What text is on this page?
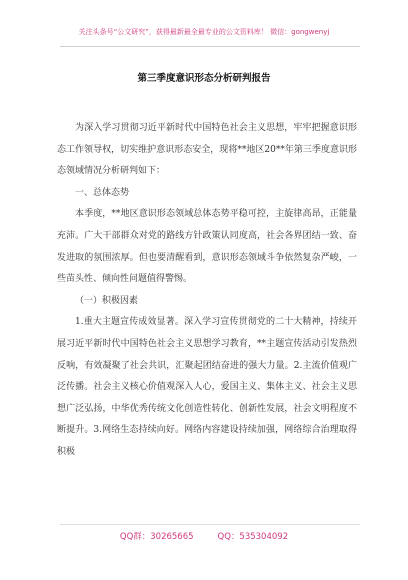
关注头条号“公文研究”，获得最新最全最专业的公文资料库！ 微信：gongwenyj
第三季度意识形态分析研判报告

为深入学习贯彻习近平新时代中国特色社会主义思想，牢牢把握意识形态工作领导权，切实维护意识形态安全，现将**地区20**年第三季度意识形态领域情况分析研判如下：

一、总体态势

本季度，**地区意识形态领域总体态势平稳可控，主旋律高昂，正能量充沛。广大干部群众对党的路线方针政策认同度高，社会各界团结一致、奋发进取的氛围浓厚。但也要清醒看到，意识形态领域斗争依然复杂严峻，一些苗头性、倾向性问题值得警惕。

（一）积极因素

1.重大主题宣传成效显著。深入学习宣传贯彻党的二十大精神，持续开展习近平新时代中国特色社会主义思想学习教育，**主题宣传活动引发热烈反响，有效凝聚了社会共识，汇聚起团结奋进的强大力量。2.主流价值观广泛传播。社会主义核心价值观深入人心，爱国主义、集体主义、社会主义思想广泛弘扬，中华优秀传统文化创造性转化、创新性发展，社会文明程度不断提升。3.网络生态持续向好。网络内容建设持续加强，网络综合治理取得积极

QQ群：30265665	QQ：535304092
